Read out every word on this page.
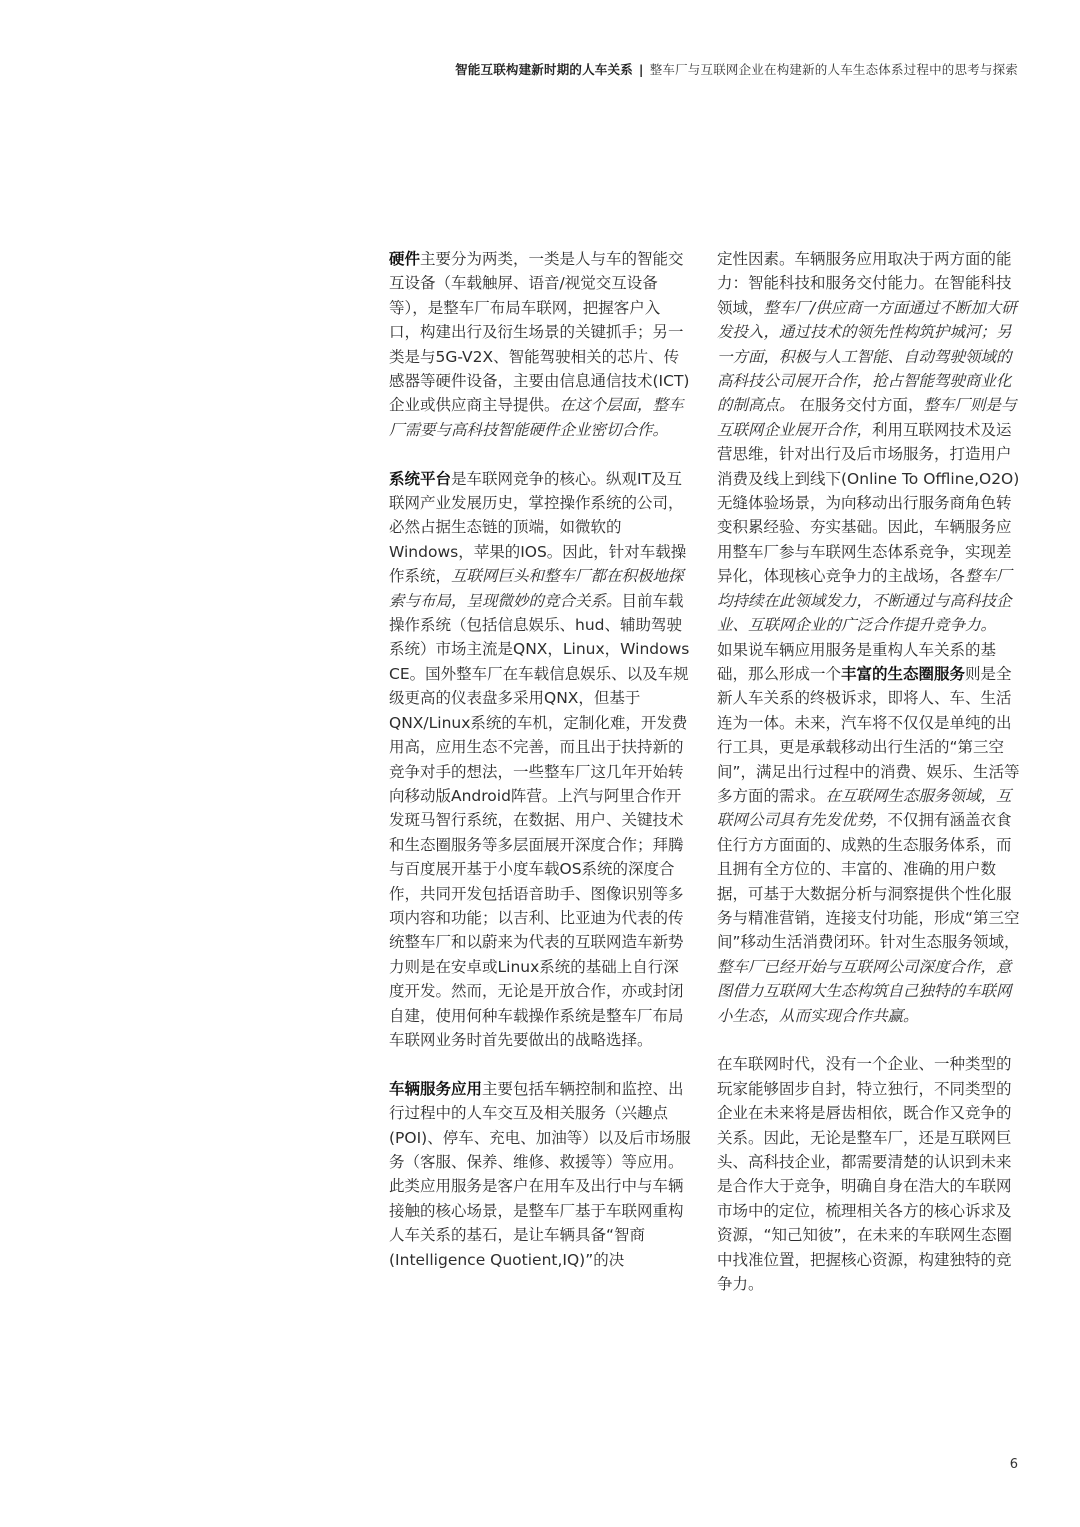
智能互联构建新时期的人车关系 | 整车厂与互联网企业在构建新的人车生态体系过程中的思考与探索

硬件主要分为两类，一类是人与车的智能交互设备（车载触屏、语音/视觉交互设备等），是整车厂布局车联网，把握客户入口，构建出行及衍生场景的关键抓手；另一类是与5G-V2X、智能驾驶相关的芯片、传感器等硬件设备，主要由信息通信技术(ICT)企业或供应商主导提供。在这个层面，整车厂需要与高科技智能硬件企业密切合作。

系统平台是车联网竞争的核心。纵观IT及互联网产业发展历史，掌控操作系统的公司，必然占据生态链的顶端，如微软的Windows，苹果的IOS。因此，针对车载操作系统，互联网巨头和整车厂都在积极地探索与布局，呈现微妙的竞合关系。目前车载操作系统（包括信息娱乐、hud、辅助驾驶系统）市场主流是QNX，Linux，Windows CE。国外整车厂在车载信息娱乐、以及车规级更高的仪表盘多采用QNX，但基于QNX/Linux系统的车机，定制化难，开发费用高，应用生态不完善，而且出于扶持新的竞争对手的想法，一些整车厂这几年开始转向移动版Android阵营。上汽与阿里合作开发斑马智行系统，在数据、用户、关键技术和生态圈服务等多层面展开深度合作；拜腾与百度展开基于小度车载OS系统的深度合作，共同开发包括语音助手、图像识别等多项内容和功能；以吉利、比亚迪为代表的传统整车厂和以蔚来为代表的互联网造车新势力则是在安卓或Linux系统的基础上自行深度开发。然而，无论是开放合作，亦或封闭自建，使用何种车载操作系统是整车厂布局车联网业务时首先要做出的战略选择。

车辆服务应用主要包括车辆控制和监控、出行过程中的人车交互及相关服务（兴趣点(POI)、停车、充电、加油等）以及后市场服务（客服、保养、维修、救援等）等应用。此类应用服务是客户在用车及出行中与车辆接触的核心场景，是整车厂基于车联网重构人车关系的基石，是让车辆具备“智商(Intelligence Quotient,IQ)”的决

定性因素。车辆服务应用取决于两方面的能力：智能科技和服务交付能力。在智能科技领域，整车厂/供应商一方面通过不断加大研发投入，通过技术的领先性构筑护城河；另一方面，积极与人工智能、自动驾驶领域的高科技公司展开合作，抢占智能驾驶商业化的制高点。 在服务交付方面，整车厂则是与互联网企业展开合作，利用互联网技术及运营思维，针对出行及后市场服务，打造用户消费及线上到线下(Online To Offline,O2O)无缝体验场景，为向移动出行服务商角色转变积累经验、夯实基础。因此，车辆服务应用整车厂参与车联网生态体系竞争，实现差异化，体现核心竞争力的主战场，各整车厂均持续在此领域发力，不断通过与高科技企业、互联网企业的广泛合作提升竞争力。

如果说车辆应用服务是重构人车关系的基础，那么形成一个丰富的生态圈服务则是全新人车关系的终极诉求，即将人、车、生活连为一体。未来，汽车将不仅仅是单纯的出行工具，更是承载移动出行生活的“第三空间”，满足出行过程中的消费、娱乐、生活等多方面的需求。在互联网生态服务领域，互联网公司具有先发优势，不仅拥有涵盖衣食住行方方面面的、成熟的生态服务体系，而且拥有全方位的、丰富的、准确的用户数据，可基于大数据分析与洞察提供个性化服务与精准营销，连接支付功能，形成“第三空间”移动生活消费闭环。针对生态服务领域，整车厂已经开始与互联网公司深度合作，意图借力互联网大生态构筑自己独特的车联网小生态，从而实现合作共赢。

在车联网时代，没有一个企业、一种类型的玩家能够固步自封，特立独行，不同类型的企业在未来将是唇齿相依，既合作又竞争的关系。因此，无论是整车厂，还是互联网巨头、高科技企业，都需要清楚的认识到未来是合作大于竞争，明确自身在浩大的车联网市场中的定位，梳理相关各方的核心诉求及资源，“知己知彼”，在未来的车联网生态圈中找准位置，把握核心资源，构建独特的竞争力。

6
